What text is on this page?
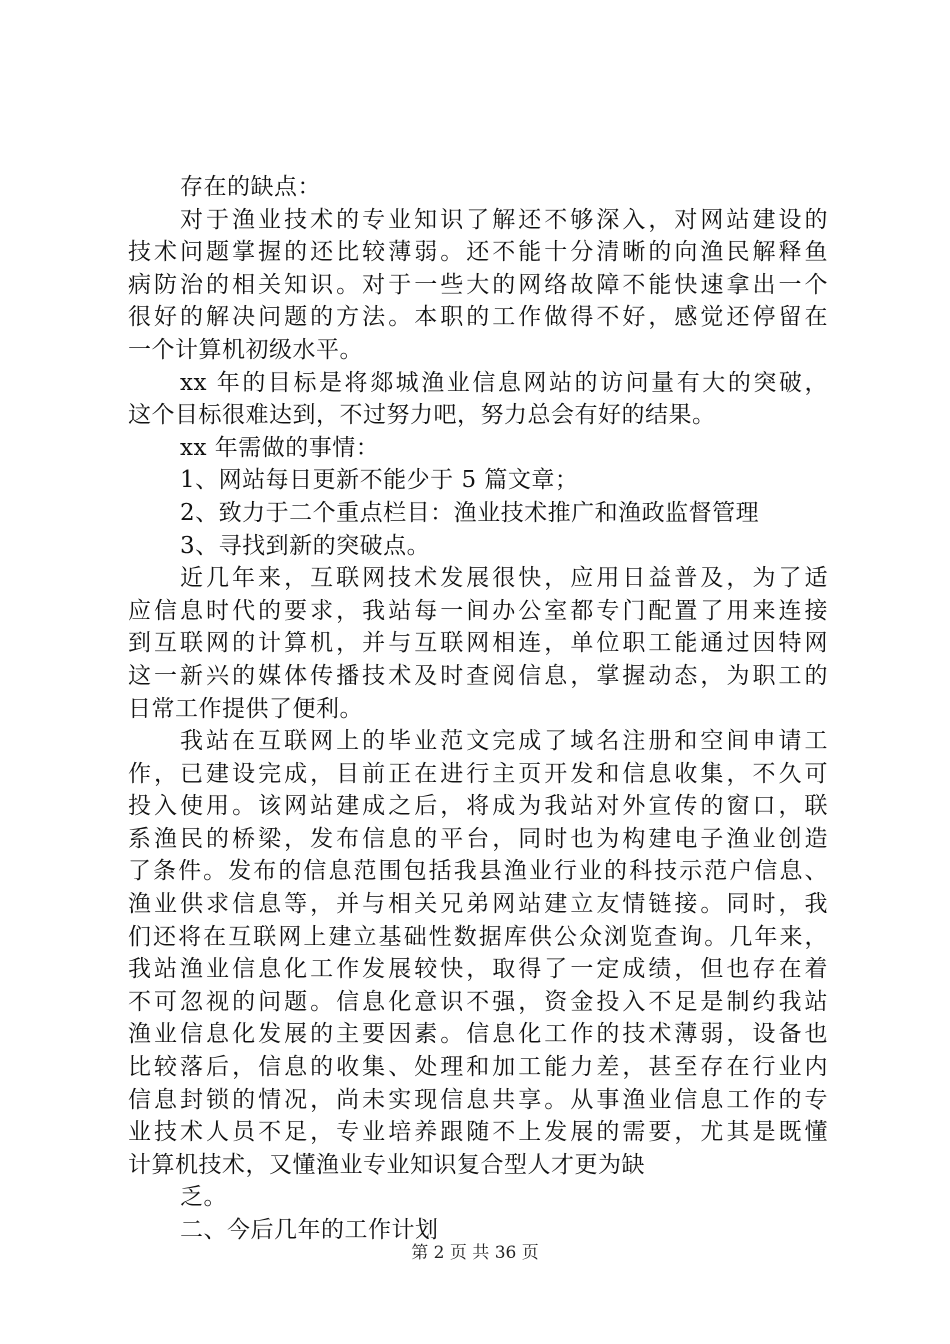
存在的缺点：
对于渔业技术的专业知识了解还不够深入，对网站建设的
技术问题掌握的还比较薄弱。还不能十分清晰的向渔民解释鱼
病防治的相关知识。对于一些大的网络故障不能快速拿出一个
很好的解决问题的方法。本职的工作做得不好，感觉还停留在
一个计算机初级水平。
xx 年的目标是将郯城渔业信息网站的访问量有大的突破，
这个目标很难达到，不过努力吧，努力总会有好的结果。
xx 年需做的事情：
1、网站每日更新不能少于 5 篇文章；
2、致力于二个重点栏目：渔业技术推广和渔政监督管理
3、寻找到新的突破点。
近几年来，互联网技术发展很快，应用日益普及，为了适
应信息时代的要求，我站每一间办公室都专门配置了用来连接
到互联网的计算机，并与互联网相连，单位职工能通过因特网
这一新兴的媒体传播技术及时查阅信息，掌握动态，为职工的
日常工作提供了便利。
我站在互联网上的毕业范文完成了域名注册和空间申请工
作，已建设完成，目前正在进行主页开发和信息收集，不久可
投入使用。该网站建成之后，将成为我站对外宣传的窗口，联
系渔民的桥梁，发布信息的平台，同时也为构建电子渔业创造
了条件。发布的信息范围包括我县渔业行业的科技示范户信息、
渔业供求信息等，并与相关兄弟网站建立友情链接。同时，我
们还将在互联网上建立基础性数据库供公众浏览查询。几年来，
我站渔业信息化工作发展较快，取得了一定成绩，但也存在着
不可忽视的问题。信息化意识不强，资金投入不足是制约我站
渔业信息化发展的主要因素。信息化工作的技术薄弱，设备也
比较落后，信息的收集、处理和加工能力差，甚至存在行业内
信息封锁的情况，尚未实现信息共享。从事渔业信息工作的专
业技术人员不足，专业培养跟随不上发展的需要，尤其是既懂
计算机技术，又懂渔业专业知识复合型人才更为缺
乏。
二、今后几年的工作计划
第 2 页 共 36 页
